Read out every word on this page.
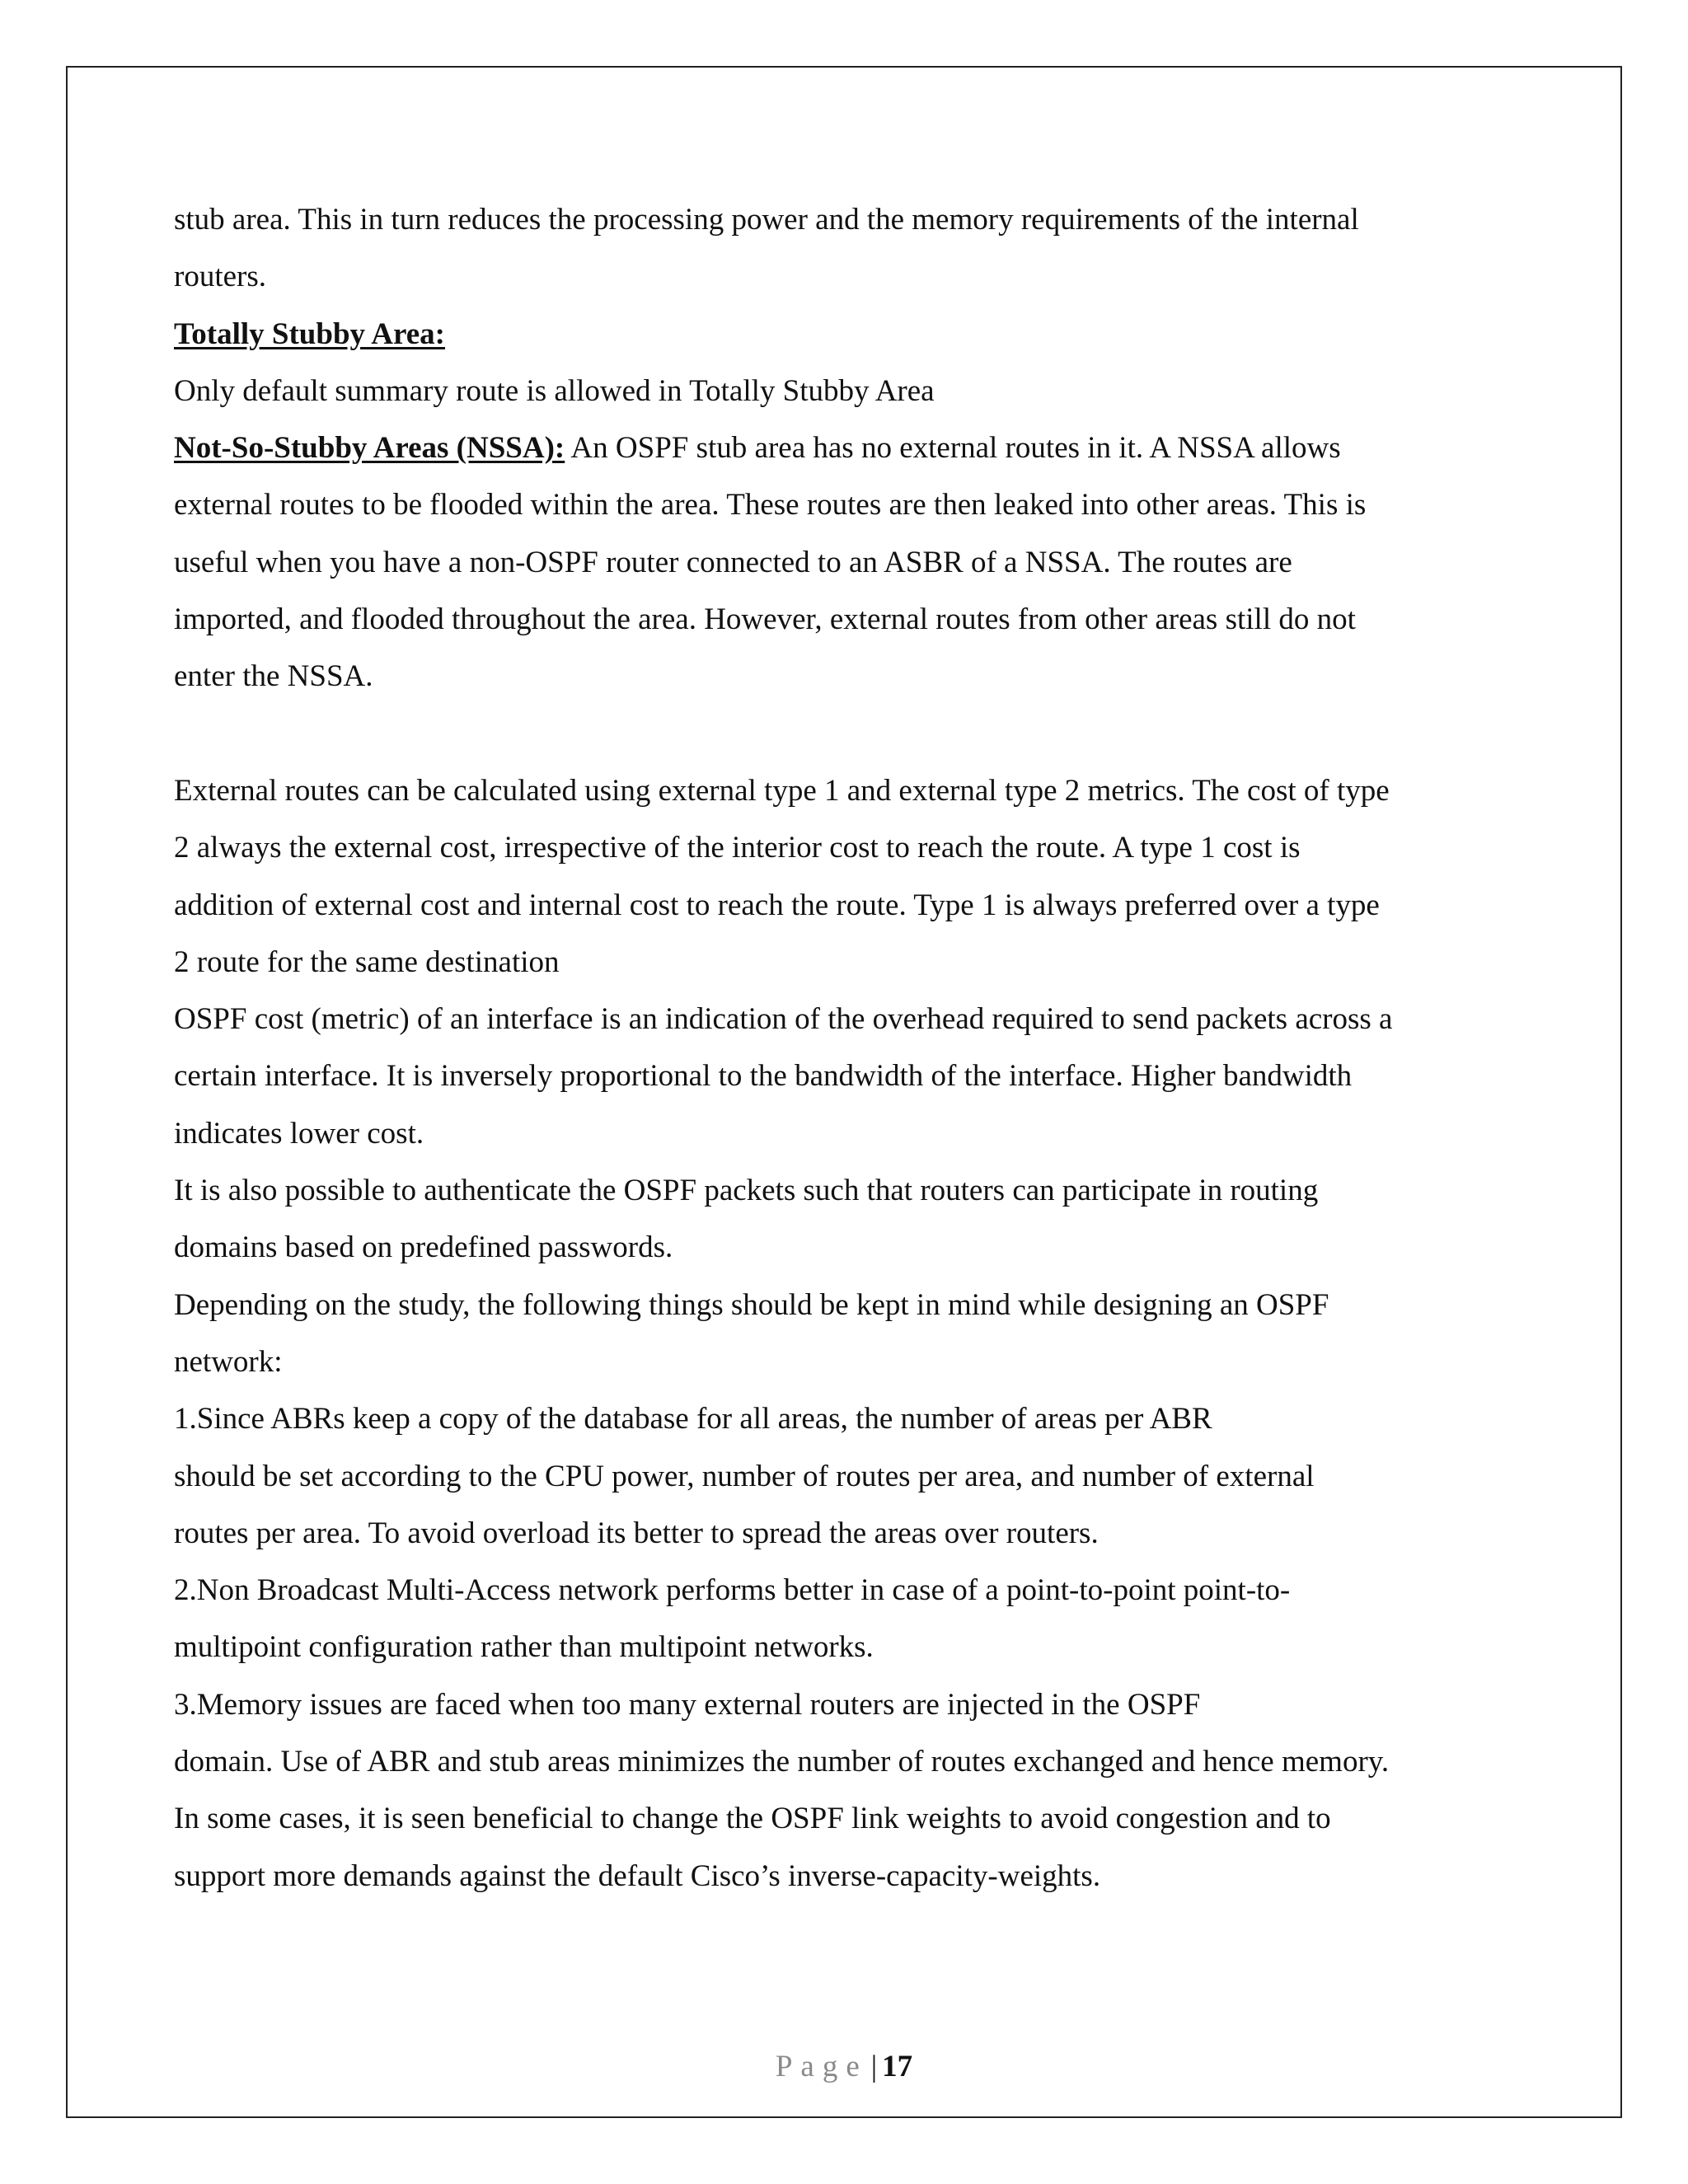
stub area. This in turn reduces the processing power and the memory requirements of the internal
routers.
Totally Stubby Area:
Only default summary route is allowed in Totally Stubby Area
Not-So-Stubby Areas (NSSA): An OSPF stub area has no external routes in it. A NSSA allows
external routes to be flooded within the area. These routes are then leaked into other areas. This is
useful when you have a non-OSPF router connected to an ASBR of a NSSA. The routes are
imported, and flooded throughout the area. However, external routes from other areas still do not
enter the NSSA.
External routes can be calculated using external type 1 and external type 2 metrics. The cost of type
2 always the external cost, irrespective of the interior cost to reach the route. A type 1 cost is
addition of external cost and internal cost to reach the route. Type 1 is always preferred over a type
2 route for the same destination
OSPF cost (metric) of an interface is an indication of the overhead required to send packets across a
certain interface. It is inversely proportional to the bandwidth of the interface. Higher bandwidth
indicates lower cost.
It is also possible to authenticate the OSPF packets such that routers can participate in routing
domains based on predefined passwords.
Depending on the study, the following things should be kept in mind while designing an OSPF
network:
1.Since ABRs keep a copy of the database for all areas, the number of areas per ABR
should be set according to the CPU power, number of routes per area, and number of external
routes per area. To avoid overload its better to spread the areas over routers.
2.Non Broadcast Multi-Access network performs better in case of a point-to-point point-to-
multipoint configuration rather than multipoint networks.
3.Memory issues are faced when too many external routers are injected in the OSPF
domain. Use of ABR and stub areas minimizes the number of routes exchanged and hence memory.
In some cases, it is seen beneficial to change the OSPF link weights to avoid congestion and to
support more demands against the default Cisco’s inverse-capacity-weights.
Page | 17
